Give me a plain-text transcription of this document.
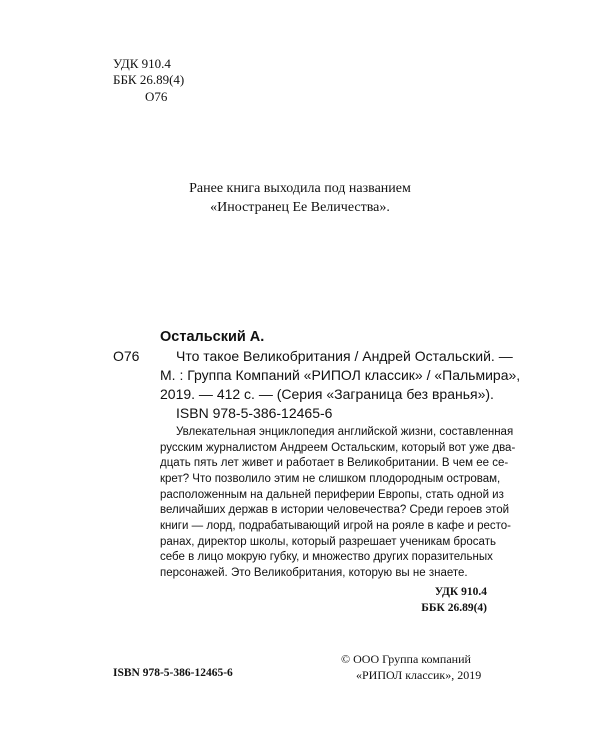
УДК 910.4
ББК 26.89(4)
О76
Ранее книга выходила под названием
«Иностранец Ее Величества».
Остальский А.
О76	Что такое Великобритания / Андрей Остальский. —
М. : Группа Компаний «РИПОЛ классик» / «Пальмира»,
2019. — 412 с. — (Серия «Заграница без вранья»).
ISBN 978-5-386-12465-6
Увлекательная энциклопедия английской жизни, составленная
русским журналистом Андреем Остальским, который вот уже два-
дцать пять лет живет и работает в Великобритании. В чем ее се-
крет? Что позволило этим не слишком плодородным островам,
расположенным на дальней периферии Европы, стать одной из
величайших держав в истории человечества? Среди героев этой
книги — лорд, подрабатывающий игрой на рояле в кафе и ресто-
ранах, директор школы, который разрешает ученикам бросать
себе в лицо мокрую губку, и множество других поразительных
персонажей. Это Великобритания, которую вы не знаете.
УДК 910.4
ББК 26.89(4)
ISBN 978-5-386-12465-6
© ООО Группа компаний
«РИПОЛ классик», 2019
